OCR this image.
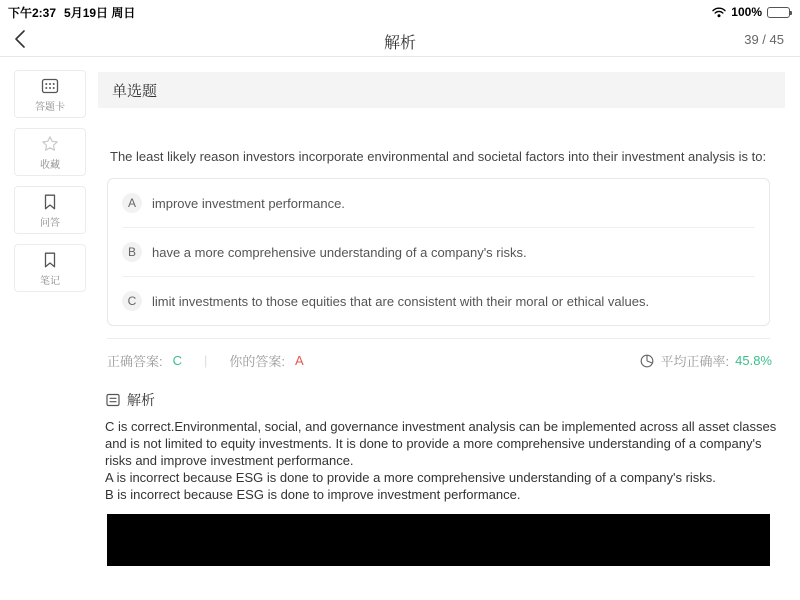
下午2:37 5月19日 周日	100%
解析	39 / 45
答题卡
收藏
问答
笔记
单选题
The least likely reason investors incorporate environmental and societal factors into their investment analysis is to:
A	improve investment performance.
B	have a more comprehensive understanding of a company's risks.
C	limit investments to those equities that are consistent with their moral or ethical values.
正确答案: C | 你的答案: A	平均正确率: 45.8%
解析
C is correct.Environmental, social, and governance investment analysis can be implemented across all asset classes and is not limited to equity investments. It is done to provide a more comprehensive understanding of a company's risks and improve investment performance.
A is incorrect because ESG is done to provide a more comprehensive understanding of a company's risks.
B is incorrect because ESG is done to improve investment performance.
